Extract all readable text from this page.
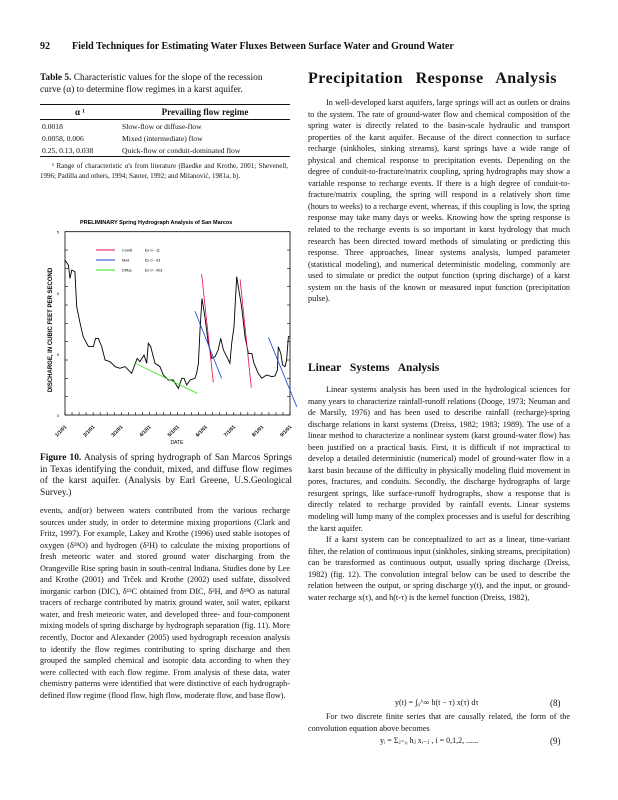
92 Field Techniques for Estimating Water Fluxes Between Surface Water and Ground Water
Table 5. Characteristic values for the slope of the recession curve (α) to determine flow regimes in a karst aquifer.
α ¹	Prevailing flow regime
0.0018	Slow-flow or diffuse-flow
0.0058, 0.006	Mixed (intermediate) flow
0.25, 0.13, 0.038	Quick-flow or conduit-dominated flow
¹ Range of characteristic α's from literature (Baedke and Krothe, 2001; Shevenell, 1996; Padilla and others, 1994; Sauter, 1992; and Milanović, 1981a, b).
PRELIMINARY Spring Hydrograph Analysis of San Marcos
5
0
5
0
1/1/01	2/1/01	3/1/01	4/1/01	5/1/01	6/1/01	7/1/01	8/1/01	9/1/01
DISCHARGE, IN CUBIC FEET PER SECOND
DATE
Condt	Ex 0 - 11
Mxd	Ex 0 - 03
Diffus	Ex 0 - 003
Figure 10. Analysis of spring hydrograph of San Marcos Springs in Texas identifying the conduit, mixed, and diffuse flow regimes of the karst aquifer. (Analysis by Earl Greene, U.S.Geological Survey.)

events, and(or) between waters contributed from the various recharge sources under study, in order to determine mixing proportions (Clark and Fritz, 1997). For example, Lakey and Krothe (1996) used stable isotopes of oxygen (δ¹⁸O) and hydrogen (δ²H) to calculate the mixing proportions of fresh meteoric water and stored ground water discharging from the Orangeville Rise spring basin in south-central Indiana. Studies done by Lee and Krothe (2001) and Trček and Krothe (2002) used sulfate, dissolved inorganic carbon (DIC), δ¹³C obtained from DIC, δ²H, and δ¹⁸O as natural tracers of recharge contributed by matrix ground water, soil water, epikarst water, and fresh meteoric water, and developed three- and four-component mixing models of spring discharge by hydrograph separation (fig. 11). More recently, Doctor and Alexander (2005) used hydrograph recession analysis to identify the flow regimes contributing to spring discharge and then grouped the sampled chemical and isotopic data according to when they were collected with each flow regime. From analysis of these data, water chemistry patterns were identified that were distinctive of each hydrograph-defined flow regime (flood flow, high flow, moderate flow, and base flow).

Precipitation Response Analysis

In well-developed karst aquifers, large springs will act as outlets or drains to the system. The rate of ground-water flow and chemical composition of the spring water is directly related to the basin-scale hydraulic and transport properties of the karst aquifer. Because of the direct connection to surface recharge (sinkholes, sinking streams), karst springs have a wide range of physical and chemical response to precipitation events. Depending on the degree of conduit-to-fracture/matrix coupling, spring hydrographs may show a variable response to recharge events. If there is a high degree of conduit-to-fracture/matrix coupling, the spring will respond in a relatively short time (hours to weeks) to a recharge event, whereas, if this coupling is low, the spring response may take many days or weeks. Knowing how the spring response is related to the recharge events is so important in karst hydrology that much research has been directed toward methods of simulating or predicting this response. Three approaches, linear systems analysis, lumped parameter (statistical modeling), and numerical deterministic modeling, commonly are used to simulate or predict the output function (spring discharge) of a karst system on the basis of the known or measured input function (precipitation pulse).

Linear Systems Analysis

Linear systems analysis has been used in the hydrological sciences for many years to characterize rainfall-runoff relations (Dooge, 1973; Neuman and de Marsily, 1976) and has been used to describe rainfall (recharge)-spring discharge relations in karst systems (Dreiss, 1982; 1983; 1989). The use of a linear method to characterize a nonlinear system (karst ground-water flow) has been justified on a practical basis. First, it is difficult if not impractical to develop a detailed deterministic (numerical) model of ground-water flow in a karst basin because of the difficulty in physically modeling fluid movement in pores, fractures, and conduits. Secondly, the discharge hydrographs of large resurgent springs, like surface-runoff hydrographs, show a response that is directly related to recharge provided by rainfall events. Linear systems modeling will lump many of the complex processes and is useful for describing the karst aquifer.

If a karst system can be conceptualized to act as a linear, time-variant filter, the relation of continuous input (sinkholes, sinking streams, precipitation) can be transformed as continuous output, usually spring discharge (Dreiss, 1982) (fig. 12). The convolution integral below can be used to describe the relation between the output, or spring discharge y(t), and the input, or ground-water recharge x(τ), and h(t-τ) is the kernel function (Dreiss, 1982),

y(t) = ∫₀^∞ h(t − τ) x(τ) dτ	(8)

For two discrete finite series that are causally related, the form of the convolution equation above becomes

yᵢ = Σⱼ₌₀ hⱼ xᵢ₋ⱼ , i = 0,1,2, ......	(9)
